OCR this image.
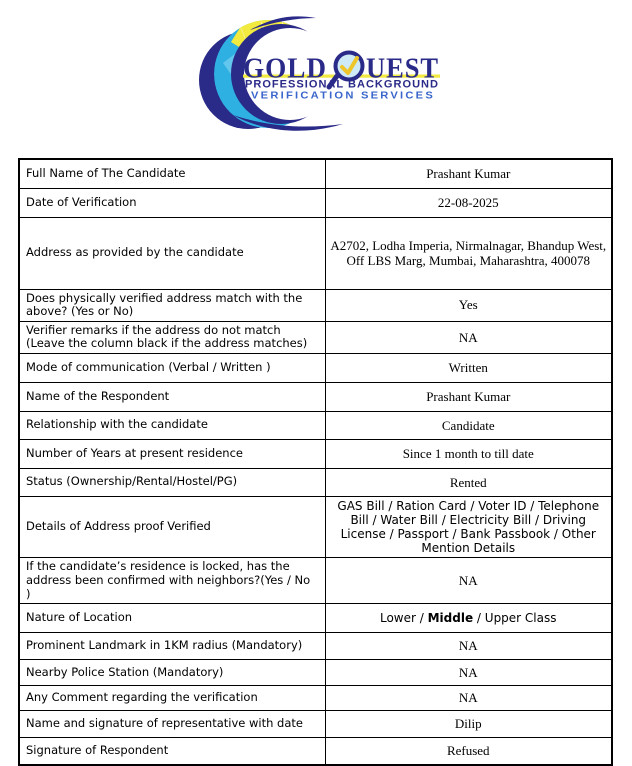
GOLD UEST
PROFESSIONAL BACKGROUND
VERIFICATION SERVICES
Full Name of The Candidate	Prashant Kumar
Date of Verification	22-08-2025
Address as provided by the candidate	A2702, Lodha Imperia, Nirmalnagar, Bhandup West, Off LBS Marg, Mumbai, Maharashtra, 400078
Does physically verified address match with the above? (Yes or No)	Yes
Verifier remarks if the address do not match (Leave the column black if the address matches)	NA
Mode of communication (Verbal / Written )	Written
Name of the Respondent	Prashant Kumar
Relationship with the candidate	Candidate
Number of Years at present residence	Since 1 month to till date
Status (Ownership/Rental/Hostel/PG)	Rented
Details of Address proof Verified	GAS Bill / Ration Card / Voter ID / Telephone Bill / Water Bill / Electricity Bill / Driving License / Passport / Bank Passbook / Other Mention Details
If the candidate’s residence is locked, has the address been confirmed with neighbors?(Yes / No )	NA
Nature of Location	Lower / Middle / Upper Class
Prominent Landmark in 1KM radius (Mandatory)	NA
Nearby Police Station (Mandatory)	NA
Any Comment regarding the verification	NA
Name and signature of representative with date	Dilip
Signature of Respondent	Refused
